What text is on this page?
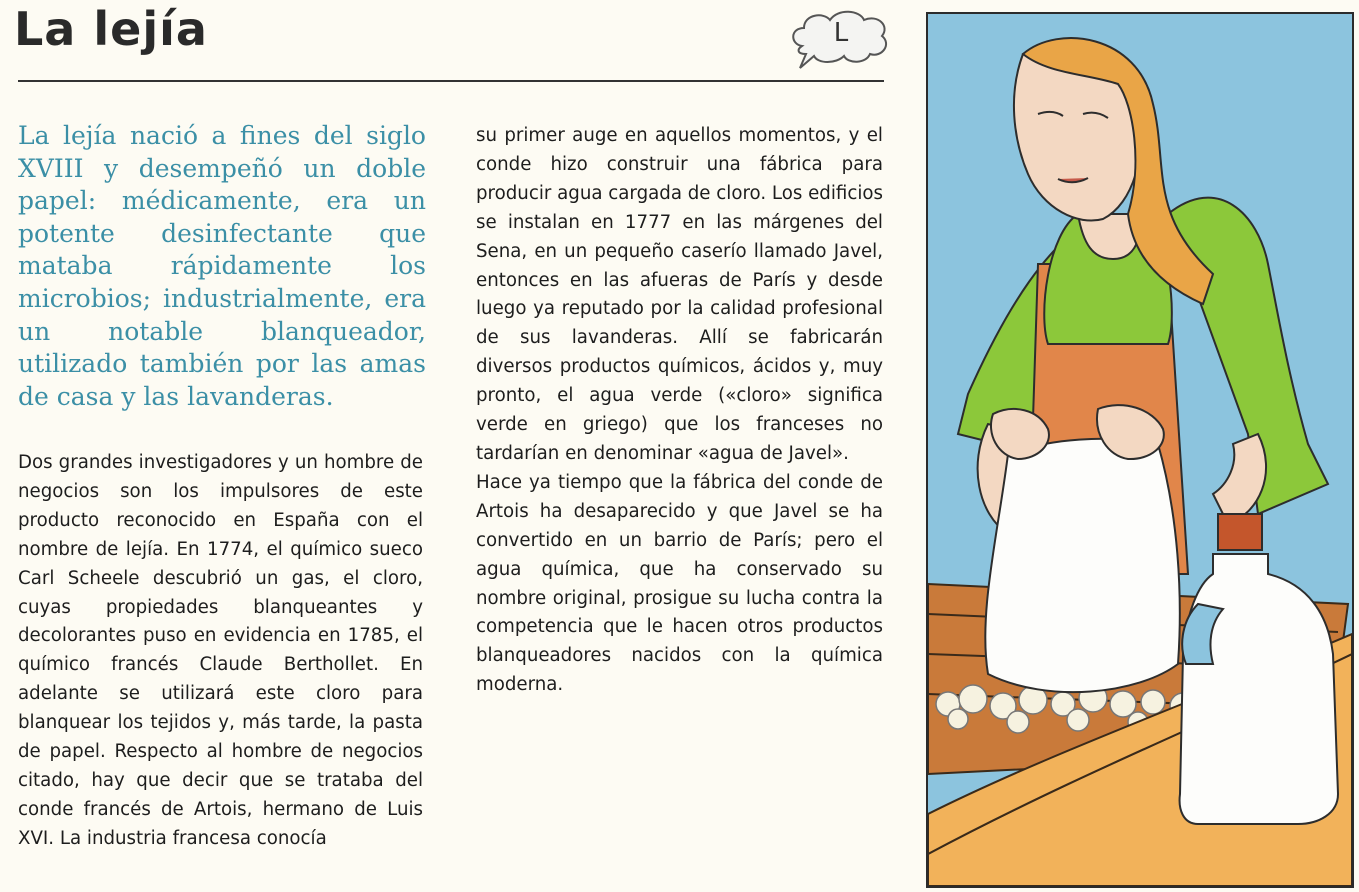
La lejía	L

La lejía nació a fines del siglo XVIII y desempeñó un doble papel: médicamente, era un potente desinfectante que mataba rápidamente los microbios; industrialmente, era un notable blanqueador, utilizado también por las amas de casa y las lavanderas.

Dos grandes investigadores y un hombre de negocios son los impulsores de este producto reconocido en España con el nombre de lejía. En 1774, el químico sueco Carl Scheele descubrió un gas, el cloro, cuyas propiedades blanqueantes y decolorantes puso en evidencia en 1785, el químico francés Claude Berthollet. En adelante se utilizará este cloro para blanquear los tejidos y, más tarde, la pasta de papel. Respecto al hombre de negocios citado, hay que decir que se trataba del conde francés de Artois, hermano de Luis XVI. La industria francesa conocía

su primer auge en aquellos momentos, y el conde hizo construir una fábrica para producir agua cargada de cloro. Los edificios se instalan en 1777 en las márgenes del Sena, en un pequeño caserío llamado Javel, entonces en las afueras de París y desde luego ya reputado por la calidad profesional de sus lavanderas. Allí se fabricarán diversos productos químicos, ácidos y, muy pronto, el agua verde («cloro» significa verde en griego) que los franceses no tardarían en denominar «agua de Javel».

Hace ya tiempo que la fábrica del conde de Artois ha desaparecido y que Javel se ha convertido en un barrio de París; pero el agua química, que ha conservado su nombre original, prosigue su lucha contra la competencia que le hacen otros productos blanqueadores nacidos con la química moderna.
